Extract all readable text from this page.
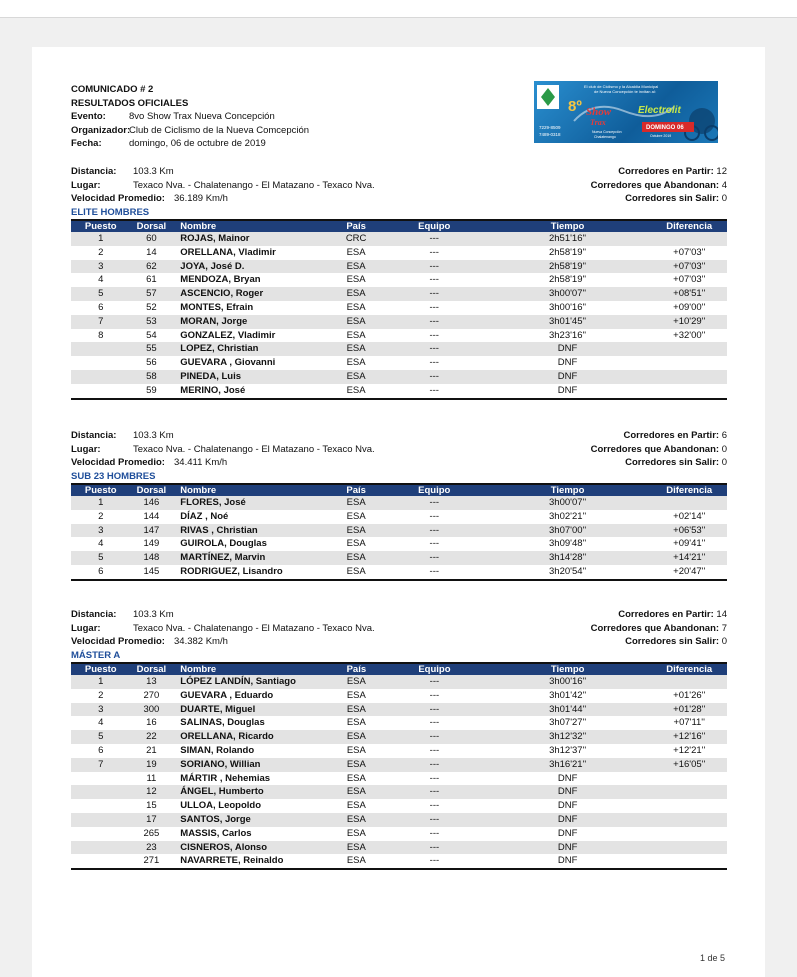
COMUNICADO # 2
RESULTADOS OFICIALES
Evento: 8vo Show Trax Nueva Concepción
Organizador:Club de Ciclismo de la Nueva Comcepción
Fecha:	domingo, 06 de octubre de 2019
El club de Ciclismo y la Alcaldía Municipal
de Nueva Concepción te invitan al:
8º Show
Trax
Electrolit
DOMINGO 06
Octubre 2019
7229-8509
7489-0318	Nueva Concepción
Chalatenango
Distancia: 103.3 Km
Lugar:	Texaco Nva. - Chalatenango - El Matazano - Texaco Nva.
Velocidad Promedio: 36.189 Km/h
Corredores en Partir: 12
Corredores que Abandonan: 4
Corredores sin Salir: 0
ELITE HOMBRES
Puesto	Dorsal	Nombre	País	Equipo	Tiempo	Diferencia
1	60	ROJAS, Mainor	CRC	---	2h51'16''	
2	14	ORELLANA, Vladimir	ESA	---	2h58'19''	+07'03''
3	62	JOYA, José D.	ESA	---	2h58'19''	+07'03''
4	61	MENDOZA, Bryan	ESA	---	2h58'19''	+07'03''
5	57	ASCENCIO, Roger	ESA	---	3h00'07''	+08'51''
6	52	MONTES, Efrain	ESA	---	3h00'16''	+09'00''
7	53	MORAN, Jorge	ESA	---	3h01'45''	+10'29''
8	54	GONZALEZ, Vladimir	ESA	---	3h23'16''	+32'00''
	55	LOPEZ, Christian	ESA	---	DNF	
	56	GUEVARA , Giovanni	ESA	---	DNF	
	58	PINEDA, Luis	ESA	---	DNF	
	59	MERINO, José	ESA	---	DNF	
Distancia: 103.3 Km
Lugar:	Texaco Nva. - Chalatenango - El Matazano - Texaco Nva.
Velocidad Promedio: 34.411 Km/h
Corredores en Partir: 6
Corredores que Abandonan: 0
Corredores sin Salir: 0
SUB 23 HOMBRES
Puesto	Dorsal	Nombre	País	Equipo	Tiempo	Diferencia
1	146	FLORES, José	ESA	---	3h00'07''	
2	144	DÍAZ , Noé	ESA	---	3h02'21''	+02'14''
3	147	RIVAS , Christian	ESA	---	3h07'00''	+06'53''
4	149	GUIROLA, Douglas	ESA	---	3h09'48''	+09'41''
5	148	MARTÍNEZ, Marvin	ESA	---	3h14'28''	+14'21''
6	145	RODRIGUEZ, Lisandro	ESA	---	3h20'54''	+20'47''
Distancia: 103.3 Km
Lugar:	Texaco Nva. - Chalatenango - El Matazano - Texaco Nva.
Velocidad Promedio: 34.382 Km/h
Corredores en Partir: 14
Corredores que Abandonan: 7
Corredores sin Salir: 0
MÁSTER A
Puesto	Dorsal	Nombre	País	Equipo	Tiempo	Diferencia
1	13	LÓPEZ LANDÍN, Santiago	ESA	---	3h00'16''	
2	270	GUEVARA , Eduardo	ESA	---	3h01'42''	+01'26''
3	300	DUARTE, Miguel	ESA	---	3h01'44''	+01'28''
4	16	SALINAS, Douglas	ESA	---	3h07'27''	+07'11''
5	22	ORELLANA, Ricardo	ESA	---	3h12'32''	+12'16''
6	21	SIMAN, Rolando	ESA	---	3h12'37''	+12'21''
7	19	SORIANO, Willian	ESA	---	3h16'21''	+16'05''
	11	MÁRTIR , Nehemias	ESA	---	DNF	
	12	ÁNGEL, Humberto	ESA	---	DNF	
	15	ULLOA, Leopoldo	ESA	---	DNF	
	17	SANTOS, Jorge	ESA	---	DNF	
	265	MASSIS, Carlos	ESA	---	DNF	
	23	CISNEROS, Alonso	ESA	---	DNF	
	271	NAVARRETE, Reinaldo	ESA	---	DNF	
1 de 5
